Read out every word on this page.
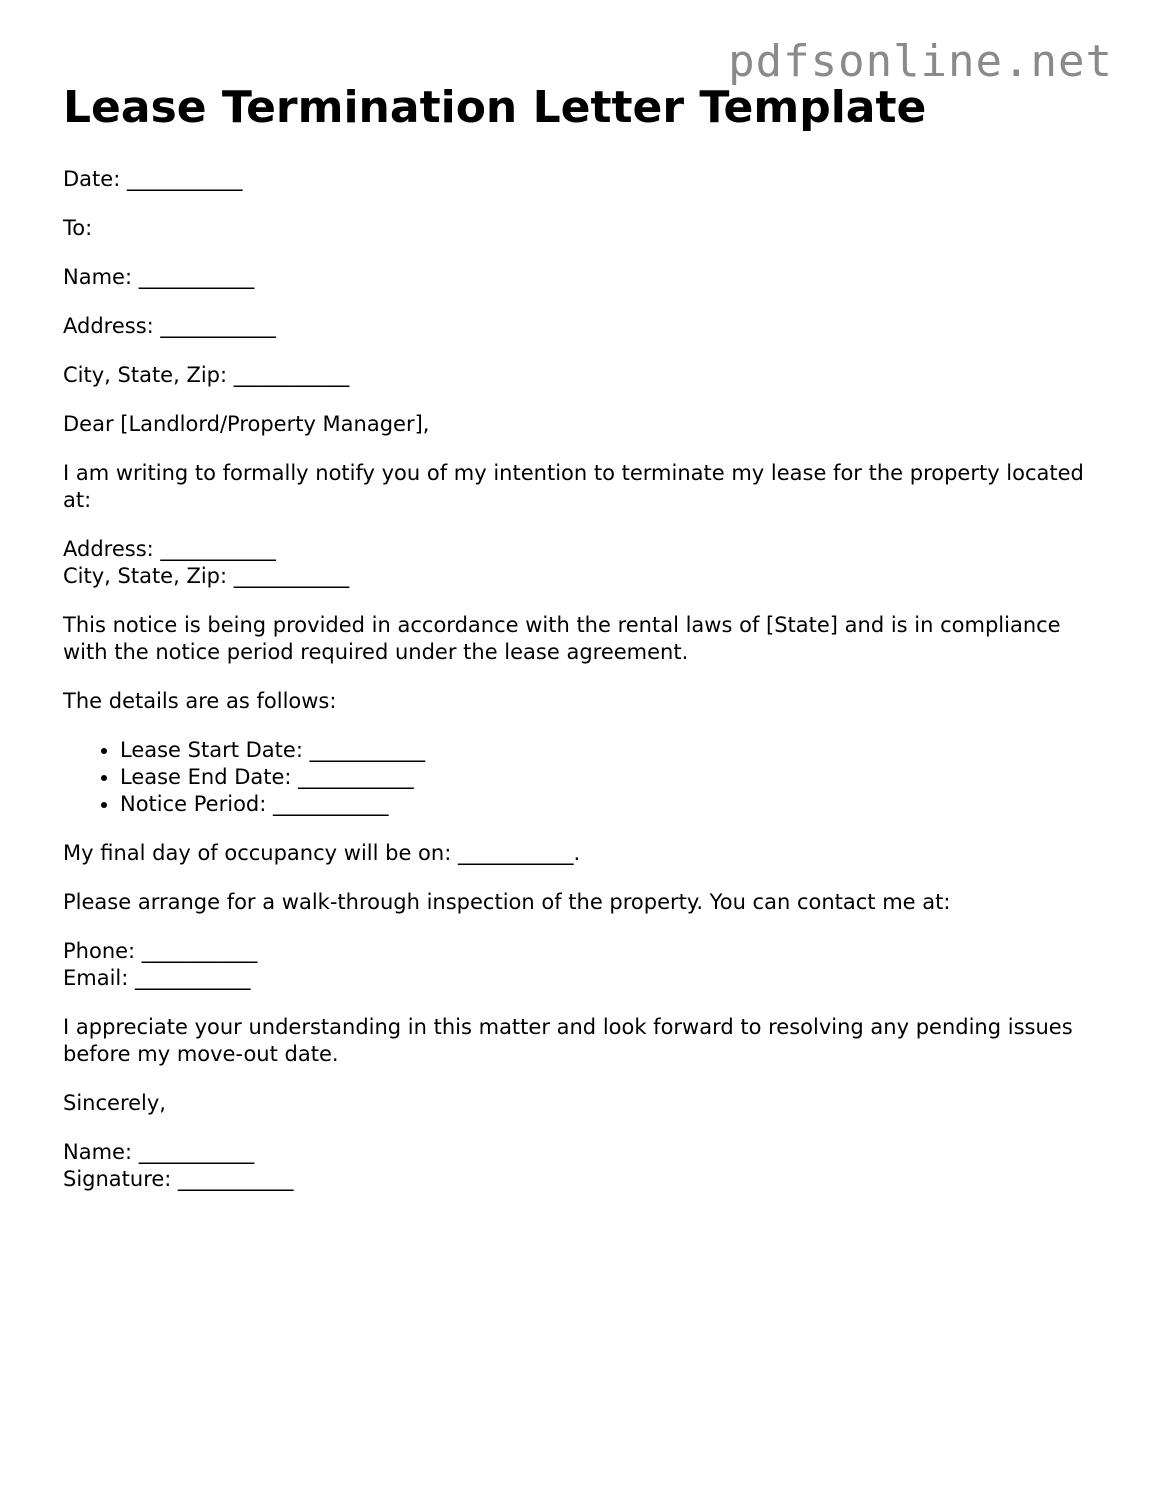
pdfsonline.net
Lease Termination Letter Template

Date: ___________

To:

Name: ___________

Address: ___________

City, State, Zip: ___________

Dear [Landlord/Property Manager],

I am writing to formally notify you of my intention to terminate my lease for the property located at:

Address: ___________
City, State, Zip: ___________

This notice is being provided in accordance with the rental laws of [State] and is in compliance with the notice period required under the lease agreement.

The details are as follows:

• Lease Start Date: ___________
• Lease End Date: ___________
• Notice Period: ___________

My final day of occupancy will be on: ___________.

Please arrange for a walk-through inspection of the property. You can contact me at:

Phone: ___________
Email: ___________

I appreciate your understanding in this matter and look forward to resolving any pending issues before my move-out date.

Sincerely,

Name: ___________
Signature: ___________
